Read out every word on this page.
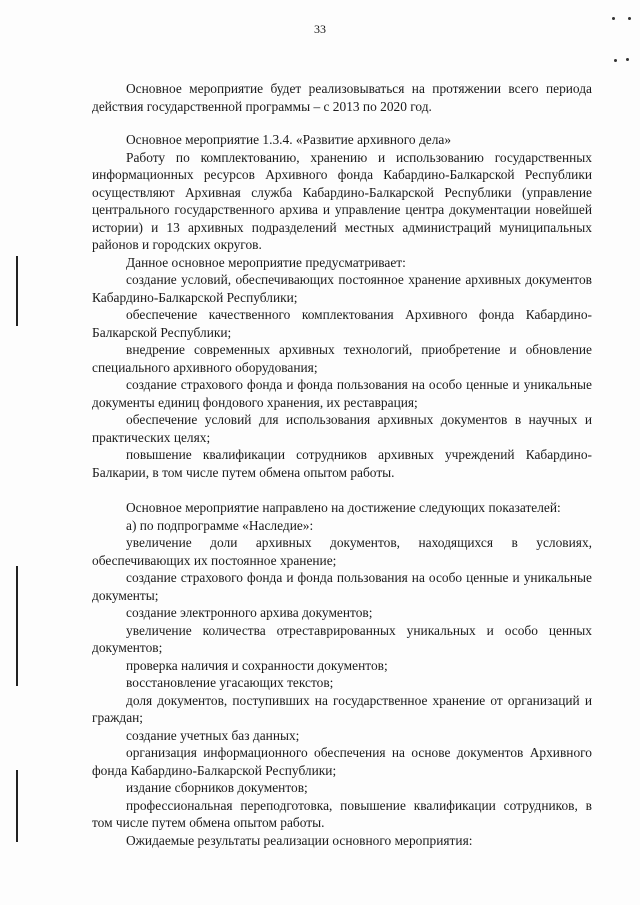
33

Основное мероприятие будет реализовываться на протяжении всего периода действия государственной программы – с 2013 по 2020 год.

Основное мероприятие 1.3.4. «Развитие архивного дела»

Работу по комплектованию, хранению и использованию государственных информационных ресурсов Архивного фонда Кабардино-Балкарской Республики осуществляют Архивная служба Кабардино-Балкарской Республики (управление центрального государственного архива и управление центра документации новейшей истории) и 13 архивных подразделений местных администраций муниципальных районов и городских округов.

Данное основное мероприятие предусматривает:

создание условий, обеспечивающих постоянное хранение архивных документов Кабардино-Балкарской Республики;

обеспечение качественного комплектования Архивного фонда Кабардино-Балкарской Республики;

внедрение современных архивных технологий, приобретение и обновление специального архивного оборудования;

создание страхового фонда и фонда пользования на особо ценные и уникальные документы единиц фондового хранения, их реставрация;

обеспечение условий для использования архивных документов в научных и практических целях;

повышение квалификации сотрудников архивных учреждений Кабардино-Балкарии, в том числе путем обмена опытом работы.

Основное мероприятие направлено на достижение следующих показателей:

а) по подпрограмме «Наследие»:

увеличение доли архивных документов, находящихся в условиях, обеспечивающих их постоянное хранение;

создание страхового фонда и фонда пользования на особо ценные и уникальные документы;

создание электронного архива документов;

увеличение количества отреставрированных уникальных и особо ценных документов;

проверка наличия и сохранности документов;

восстановление угасающих текстов;

доля документов, поступивших на государственное хранение от организаций и граждан;

создание учетных баз данных;

организация информационного обеспечения на основе документов Архивного фонда Кабардино-Балкарской Республики;

издание сборников документов;

профессиональная переподготовка, повышение квалификации сотрудников, в том числе путем обмена опытом работы.

Ожидаемые результаты реализации основного мероприятия:
